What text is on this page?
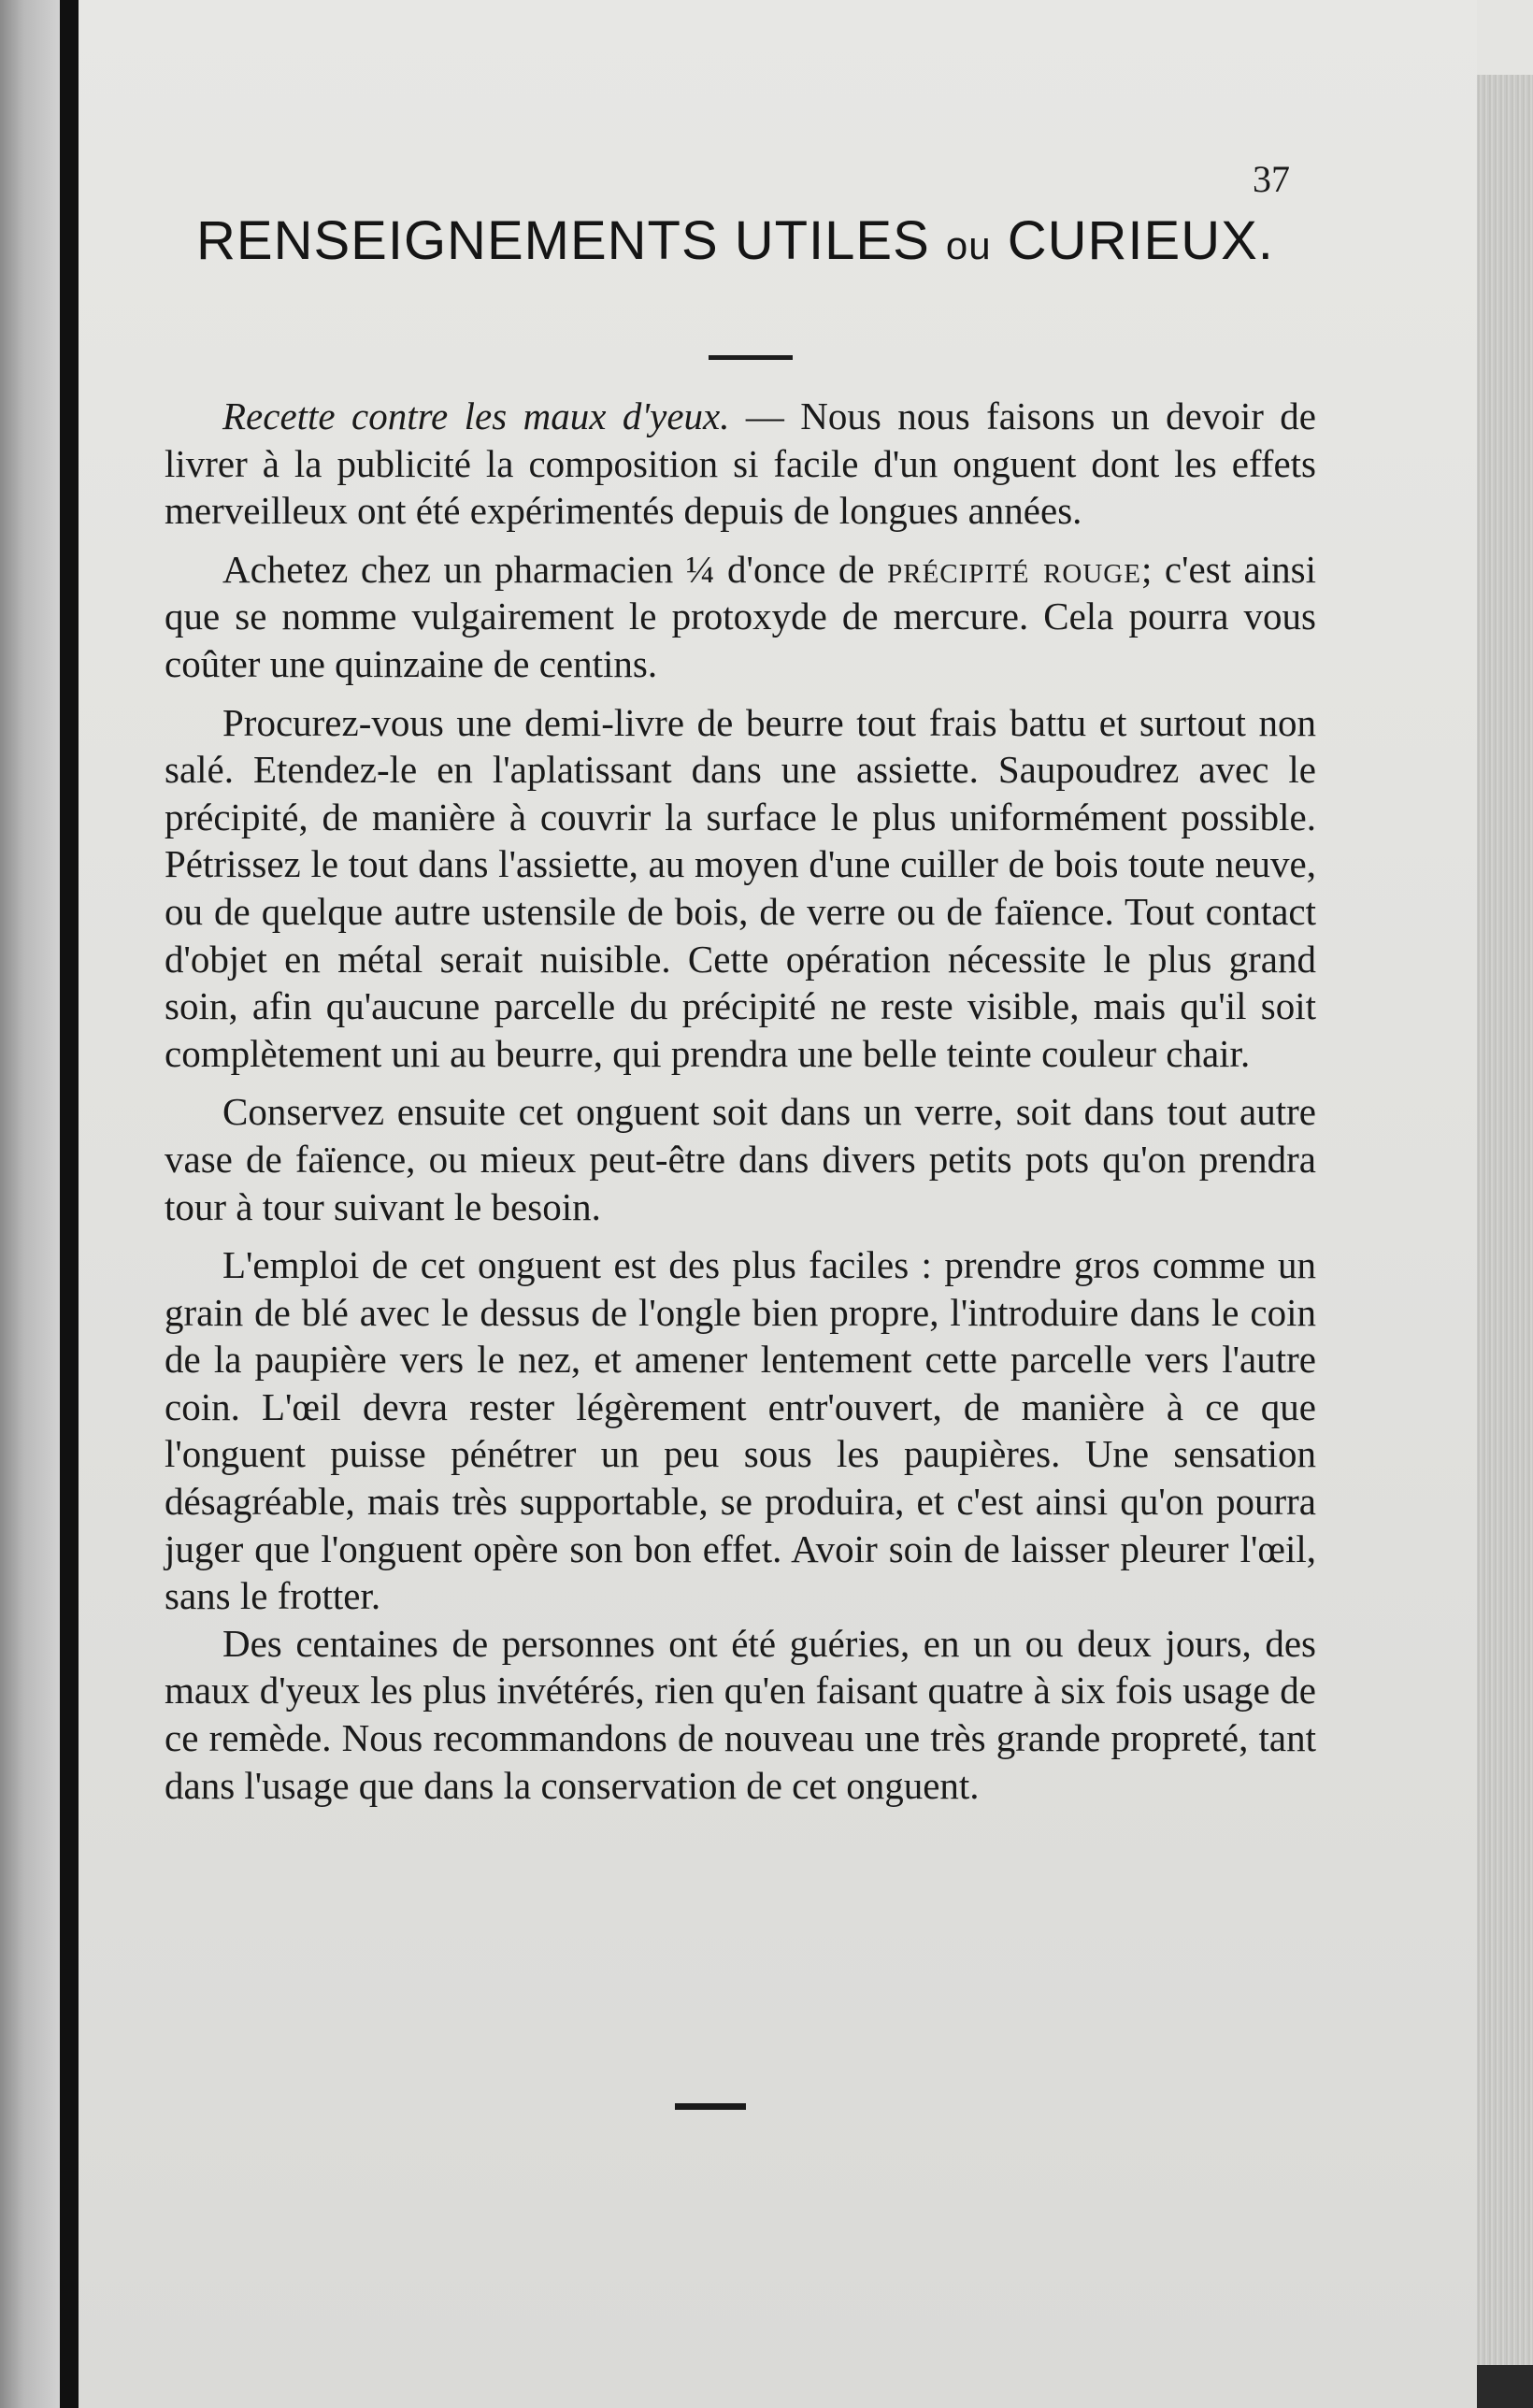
37
RENSEIGNEMENTS UTILES ou CURIEUX.

Recette contre les maux d'yeux. — Nous nous faisons un devoir de livrer à la publicité la composition si facile d'un onguent dont les effets merveilleux ont été expérimentés depuis de longues années.

Achetez chez un pharmacien ¼ d'once de précipité rouge; c'est ainsi que se nomme vulgairement le protoxyde de mercure. Cela pourra vous coûter une quinzaine de centins.

Procurez-vous une demi-livre de beurre tout frais battu et surtout non salé. Etendez-le en l'aplatissant dans une assiette. Saupoudrez avec le précipité, de manière à couvrir la surface le plus uniformément possible. Pétrissez le tout dans l'assiette, au moyen d'une cuiller de bois toute neuve, ou de quelque autre ustensile de bois, de verre ou de faïence. Tout contact d'objet en métal serait nuisible. Cette opération nécessite le plus grand soin, afin qu'aucune parcelle du précipité ne reste visible, mais qu'il soit complètement uni au beurre, qui prendra une belle teinte couleur chair.

Conservez ensuite cet onguent soit dans un verre, soit dans tout autre vase de faïence, ou mieux peut-être dans divers petits pots qu'on prendra tour à tour suivant le besoin.

L'emploi de cet onguent est des plus faciles : prendre gros comme un grain de blé avec le dessus de l'ongle bien propre, l'introduire dans le coin de la paupière vers le nez, et amener lentement cette parcelle vers l'autre coin. L'œil devra rester légèrement entr'ouvert, de manière à ce que l'onguent puisse pénétrer un peu sous les paupières. Une sensation désagréable, mais très supportable, se produira, et c'est ainsi qu'on pourra juger que l'onguent opère son bon effet. Avoir soin de laisser pleurer l'œil, sans le frotter.

Des centaines de personnes ont été guéries, en un ou deux jours, des maux d'yeux les plus invétérés, rien qu'en faisant quatre à six fois usage de ce remède. Nous recommandons de nouveau une très grande propreté, tant dans l'usage que dans la conservation de cet onguent.
